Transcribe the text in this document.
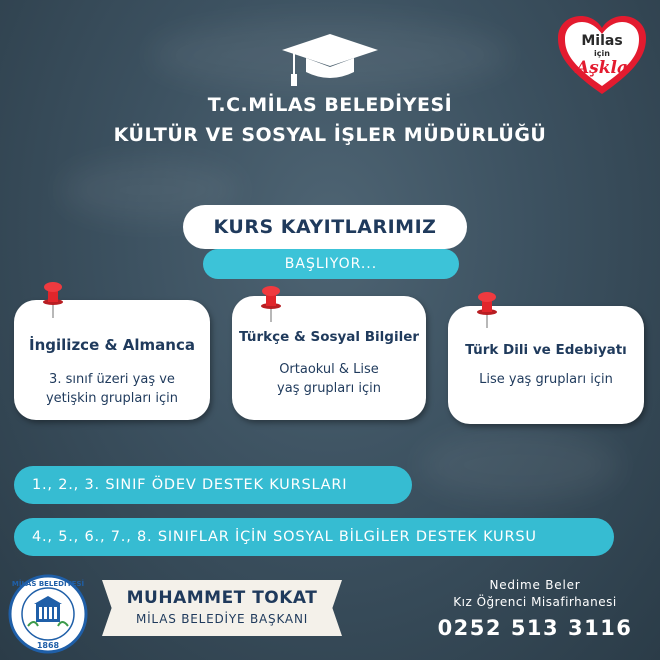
T.C.MİLAS BELEDİYESİ
KÜLTÜR VE SOSYAL İŞLER MÜDÜRLÜĞÜ
Milas
için
Aşkla
BAŞLIYOR...
KURS KAYITLARIMIZ
İngilizce & Almanca
3. sınıf üzeri yaş ve
yetişkin grupları için
Türkçe & Sosyal Bilgiler
Ortaokul & Lise
yaş grupları için
Türk Dili ve Edebiyatı
Lise yaş grupları için
1., 2., 3. SINIF ÖDEV DESTEK KURSLARI
4., 5., 6., 7., 8. SINIFLAR İÇİN SOSYAL BİLGİLER DESTEK KURSU
MİLAS BELEDİYESİ
1868
MUHAMMET TOKAT
MİLAS BELEDİYE BAŞKANI
Nedime Beler
Kız Öğrenci Misafirhanesi
0252 513 3116
